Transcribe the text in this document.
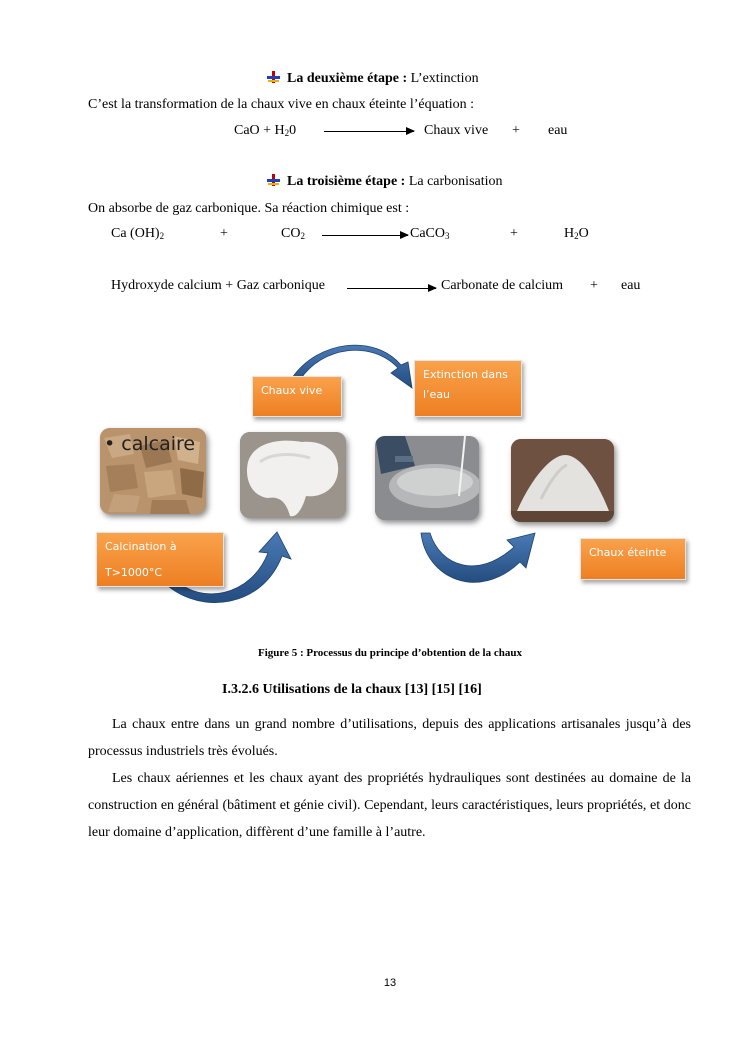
La deuxième étape : L’extinction
C’est la transformation de la chaux vive en chaux éteinte l’équation :
CaO + $H_20$	Chaux vive + eau
La troisième étape : La carbonisation
On absorbe de gaz carbonique. Sa réaction chimique est :
Ca $(OH)_2$	+	$CO_2$	CaCO$_3$	+	$H_2O$
Hydroxyde calcium + Gaz carbonique	Carbonate de calcium + eau
• calcaire
Chaux vive
Extinction dans
l’eau
Calcination à
T>1000°C
Chaux éteinte
Figure 5 : Processus du principe d’obtention de la chaux
I.3.2.6 Utilisations de la chaux [13] [15] [16]

La chaux entre dans un grand nombre d’utilisations, depuis des applications artisanales jusqu’à des processus industriels très évolués.

Les chaux aériennes et les chaux ayant des propriétés hydrauliques sont destinées au domaine de la construction en général (bâtiment et génie civil). Cependant, leurs caractéristiques, leurs propriétés, et donc leur domaine d’application, diffèrent d’une famille à l’autre.

13
